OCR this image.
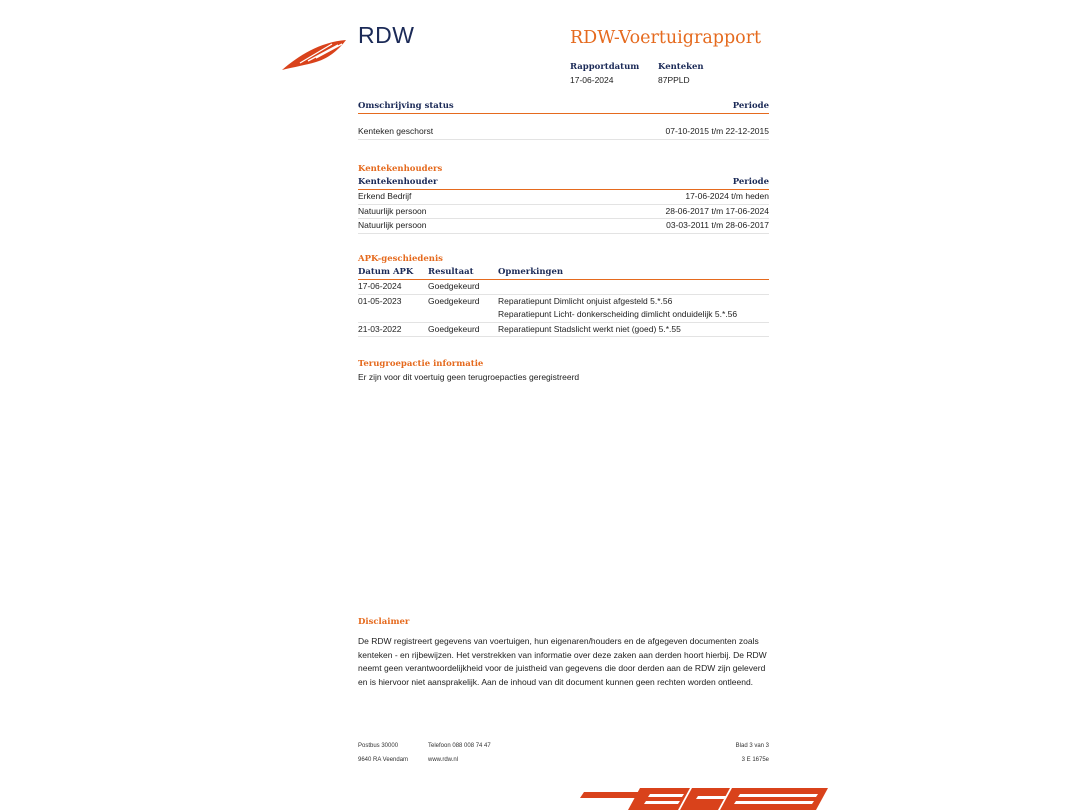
RDW	RDW-Voertuigrapport
Rapportdatum
17-06-2024
Kenteken
87PPLD
Omschrijving status	Periode
Kenteken geschorst	07-10-2015 t/m 22-12-2015
Kentekenhouders
Kentekenhouder	Periode
Erkend Bedrijf	17-06-2024 t/m heden
Natuurlijk persoon	28-06-2017 t/m 17-06-2024
Natuurlijk persoon	03-03-2011 t/m 28-06-2017
APK-geschiedenis
Datum APK	Resultaat	Opmerkingen
17-06-2024	Goedgekeurd
01-05-2023	Goedgekeurd	Reparatiepunt Dimlicht onjuist afgesteld 5.*.56
Reparatiepunt Licht- donkerscheiding dimlicht onduidelijk 5.*.56
21-03-2022	Goedgekeurd	Reparatiepunt Stadslicht werkt niet (goed) 5.*.55
Terugroepactie informatie
Er zijn voor dit voertuig geen terugroepacties geregistreerd
Disclaimer
De RDW registreert gegevens van voertuigen, hun eigenaren/houders en de afgegeven documenten zoals kenteken - en rijbewijzen. Het verstrekken van informatie over deze zaken aan derden hoort hierbij. De RDW neemt geen verantwoordelijkheid voor de juistheid van gegevens die door derden aan de RDW zijn geleverd en is hiervoor niet aansprakelijk. Aan de inhoud van dit document kunnen geen rechten worden ontleend.
Postbus 30000
9640 RA Veendam
Telefoon 088 008 74 47
www.rdw.nl
Blad 3 van 3
3 E 1675e
